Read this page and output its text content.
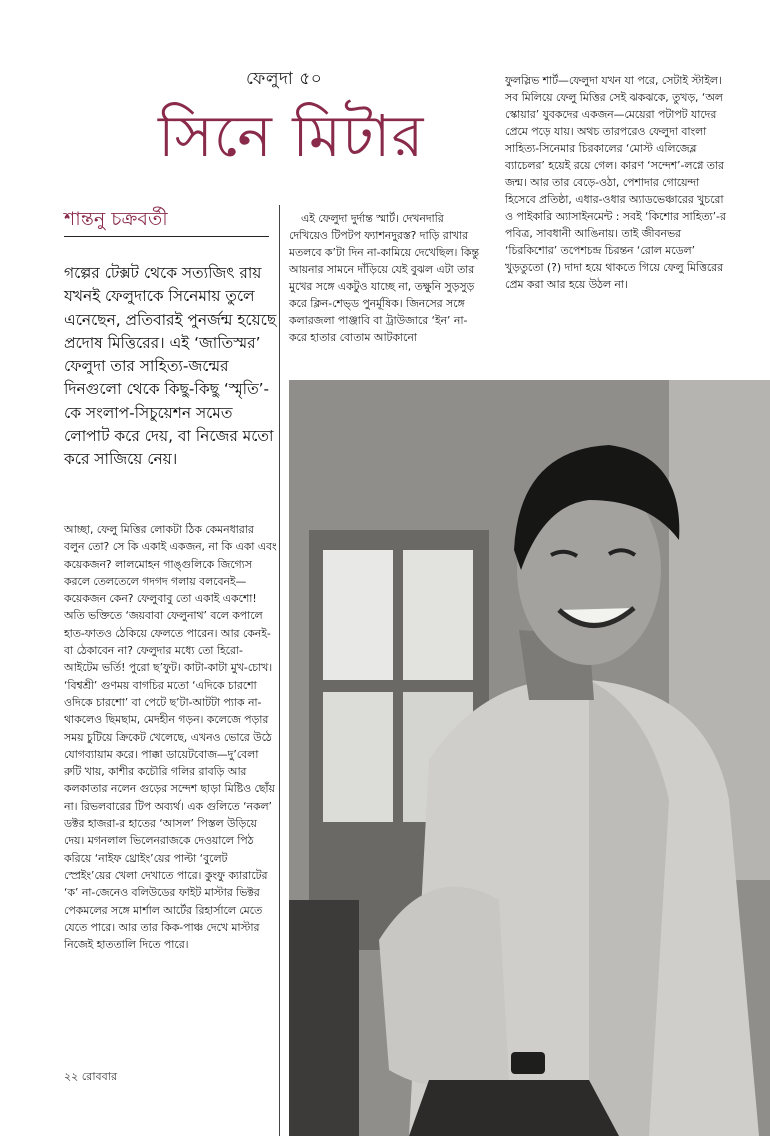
ফেলুদা ৫০
সিনে মিটার
শান্তনু চক্রবর্তী
গল্পের টেক্সট থেকে সত্যজিৎ রায় যখনই ফেলুদাকে সিনেমায় তুলে এনেছেন, প্রতিবারই পুনর্জন্ম হয়েছে প্রদোষ মিত্তিরের। এই ‘জাতিস্মর’ ফেলুদা তার সাহিত্য-জন্মের দিনগুলো থেকে কিছু-কিছু ‘স্মৃতি’-কে সংলাপ-সিচুয়েশন সমেত লোপাট করে দেয়, বা নিজের মতো করে সাজিয়ে নেয়।

আচ্ছা, ফেলু মিত্তির লোকটা ঠিক কেমনধারার বলুন তো? সে কি একাই একজন, না কি একা এবং কয়েকজন? লালমোহন গাঙ্গুলিকে জিগ্যেস করলে তেলতেলে গদগদ গলায় বলবেনই—কয়েকজন কেন? ফেলুবাবু তো একাই একশো! অতি ভক্তিতে ‘জয়বাবা ফেলুনাথ’ বলে কপালে হাত-ফাতও ঠেকিয়ে ফেলতে পারেন। আর কেনই-বা ঠেকাবেন না? ফেলুদার মধ্যে তো হিরো-আইটেম ভর্তি! পুরো ছ’ফুট। কাটা-কাটা মুখ-চোখ। ‘বিশ্বশ্রী’ গুণময় বাগচির মতো ‘এদিকে চারশো ওদিকে চারশো’ বা পেটে ছ’টা-আটটা প্যাক না-থাকলেও ছিমছাম, মেদহীন গড়ন। কলেজে পড়ার সময় চুটিয়ে ক্রিকেট খেলেছে, এখনও ভোরে উঠে যোগব্যায়াম করে। পাক্কা ডায়েটবোজ—দু’বেলা রুটি খায়, কাশীর কচৌরি গলির রাবড়ি আর কলকাতার নলেন গুড়ের সন্দেশ ছাড়া মিষ্টিও ছোঁয় না। রিভলবারের টিপ অব্যর্থ। এক গুলিতে ‘নকল’ ডক্টর হাজরা-র হাতের ‘আসল’ পিস্তল উড়িয়ে দেয়। মগনলাল ভিলেনরাজকে দেওয়ালে পিঠ করিয়ে ‘নাইফ থ্রোইং’য়ের পাল্টা ‘বুলেট স্প্রেইং’য়ের খেলা দেখাতে পারে। কুংফু ক্যারাটের ‘ক’ না-জেনেও বলিউডের ফাইট মাস্টার ভিক্টর পেকমলের সঙ্গে মার্শাল আর্টের রিহার্সালে মেতে যেতে পারে। আর তার কিক-পাঞ্চ দেখে মাস্টার নিজেই হাততালি দিতে পারে।

২২ রোববার

এই ফেলুদা দুর্দান্ত স্মার্ট। দেখনদারি দেখিয়েও টিপটপ ফ্যাশনদুরস্ত? দাড়ি রাখার মতলবে ক’টা দিন না-কামিয়ে দেখেছিল। কিন্তু আয়নার সামনে দাঁড়িয়ে যেই বুঝল এটা তার মুখের সঙ্গে একটুও যাচ্ছে না, তক্ষুনি সুড়সুড় করে ক্লিন-শেভ্ড পুনর্মূষিক। জিনসের সঙ্গে কলারজলা পাঞ্জাবি বা ট্রাউজারে ‘ইন’ না-করে হাতার বোতাম আটকানো

ফুলস্লিভ শার্ট—ফেলুদা যখন যা পরে, সেটাই স্টাইল। সব মিলিয়ে ফেলু মিত্তির সেই ঝকঝকে, তুখড়, ‘অল স্কোয়ার’ যুবকদের একজন—মেয়েরা পটাপট যাদের প্রেমে পড়ে যায়। অথচ তারপরেও ফেলুদা বাংলা সাহিত্য-সিনেমার চিরকালের ‘মোস্ট এলিজেব্ল ব্যাচেলর’ হয়েই রয়ে গেল। কারণ ‘সন্দেশ’-লগ্নে তার জন্ম। আর তার বেড়ে-ওঠা, পেশাদার গোয়েন্দা হিসেবে প্রতিষ্ঠা, এধার-ওধার অ্যাডভেঞ্চারের খুচরো ও পাইকারি অ্যাসাইনমেন্ট : সবই ‘কিশোর সাহিত্য’-র পবিত্র, সাবধানী আঙিনায়। তাই জীবনভর ‘চিরকিশোর’ তপেশচন্দ্র চিরন্তন ‘রোল মডেল’ খুড়তুতো (?) দাদা হয়ে থাকতে গিয়ে ফেলু মিত্তিরের প্রেম করা আর হয়ে উঠল না।
